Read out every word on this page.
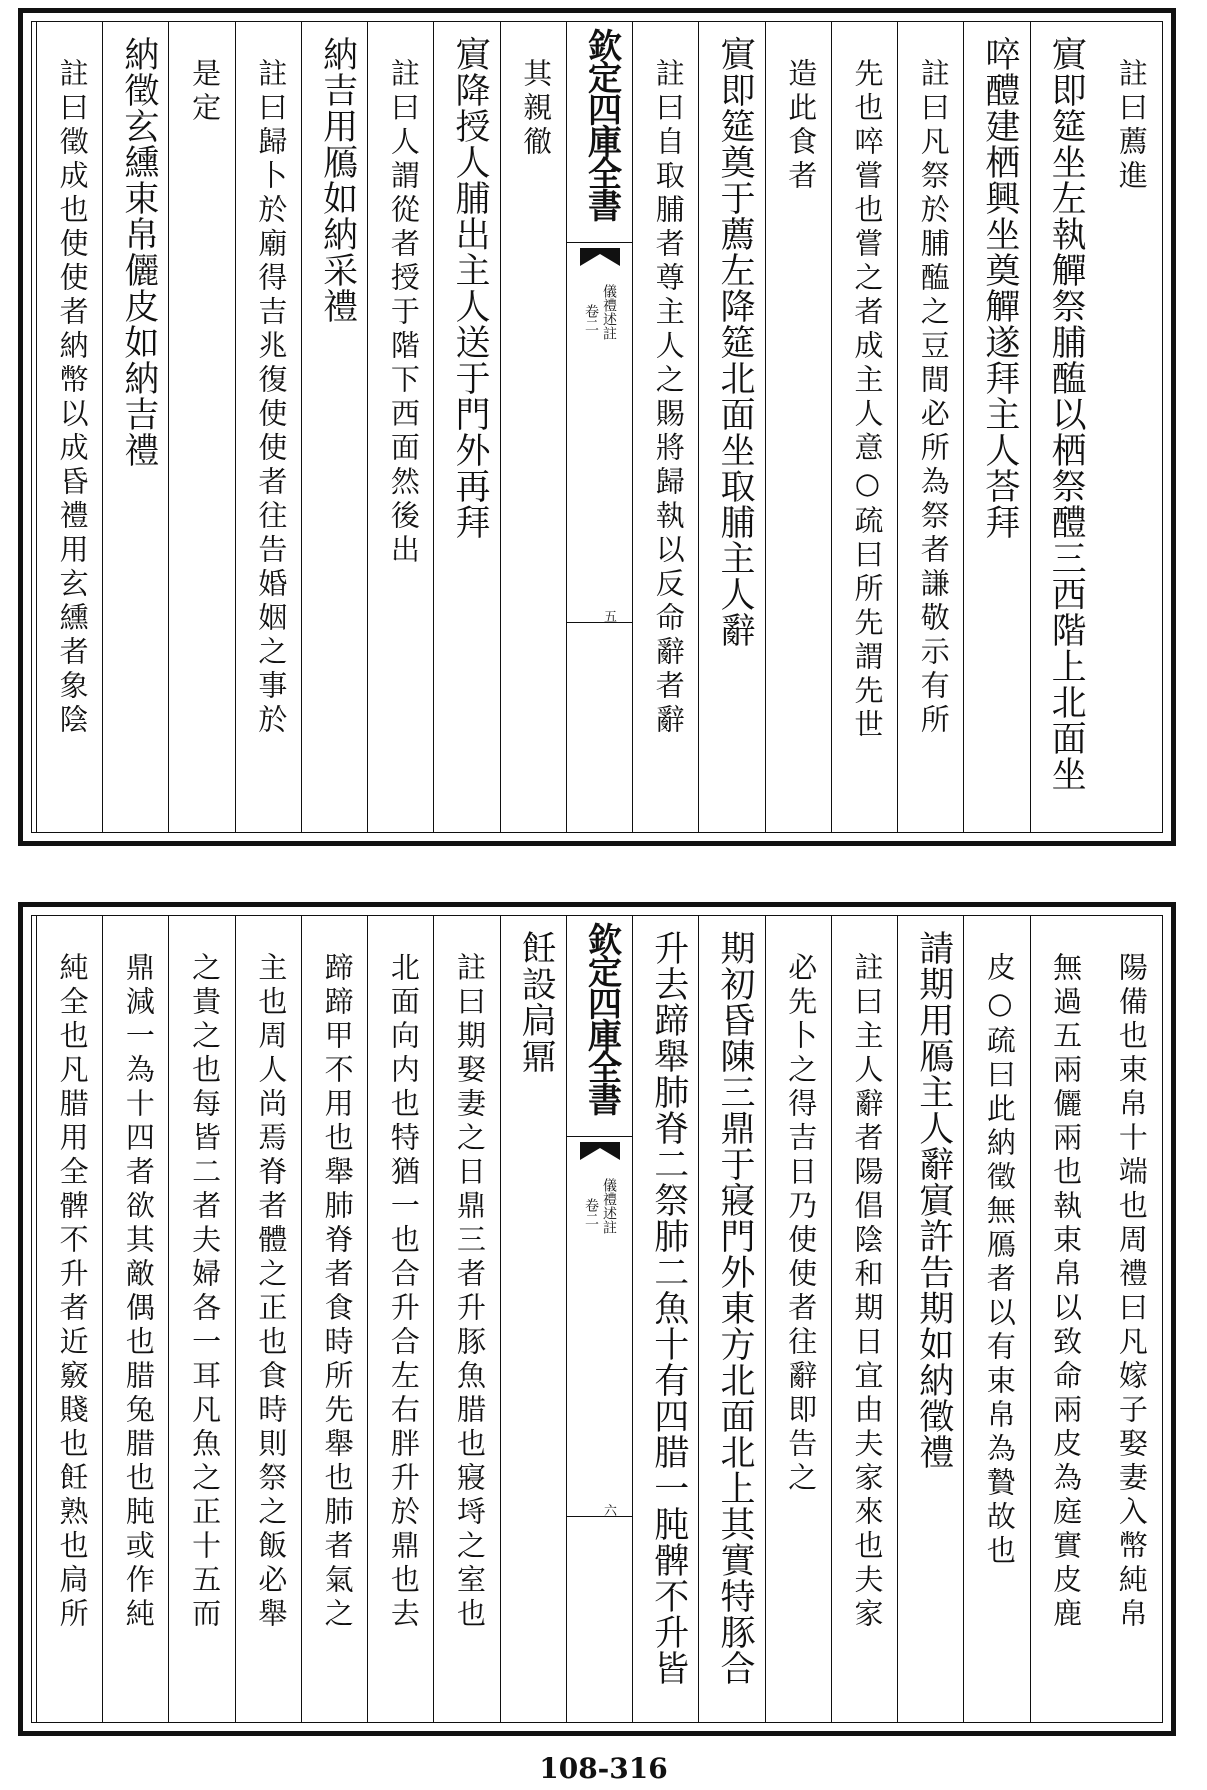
註曰薦進
賔即筵坐左執觶祭脯醢以栖祭醴三西階上北面坐
啐醴建栖興坐奠觶遂拜主人荅拜
註曰凡祭於脯醢之豆間必所為祭者謙敬示有所
先也啐嘗也嘗之者成主人意○疏曰所先謂先世
造此食者
賔即筵奠于薦左降筵北面坐取脯主人辭
註曰自取脯者尊主人之賜將歸執以反命辭者辭
欽定四庫全書
儀禮述註
卷二
五
其親徹
賔降授人脯出主人送于門外再拜
註曰人謂從者授于階下西面然後出
納吉用鴈如納采禮
註曰歸卜於廟得吉兆復使使者往告婚姻之事於
是定
納徵玄纁束帛儷皮如納吉禮
註曰徵成也使使者納幣以成昏禮用玄纁者象陰
陽備也束帛十端也周禮曰凡嫁子娶妻入幣純帛
無過五兩儷兩也執束帛以致命兩皮為庭實皮鹿
皮○疏曰此納徵無鴈者以有束帛為贄故也
請期用鴈主人辭賔許告期如納徵禮
註曰主人辭者陽倡陰和期日宜由夫家來也夫家
必先卜之得吉日乃使使者往辭即告之
期初昏陳三鼎于寢門外東方北面北上其實特豚合
升去蹄舉肺脊二祭肺二魚十有四腊一肫髀不升皆
欽定四庫全書
儀禮述註
卷二
六
飪設扃鼏
註曰期娶妻之日鼎三者升豚魚腊也寢埓之室也
北面向内也特猶一也合升合左右胖升於鼎也去
蹄蹄甲不用也舉肺脊者食時所先舉也肺者氣之
主也周人尚焉脊者體之正也食時則祭之飯必舉
之貴之也每皆二者夫婦各一耳凡魚之正十五而
鼎減一為十四者欲其敵偶也腊兔腊也肫或作純
純全也凡腊用全髀不升者近竅賤也飪熟也扃所
108-316
